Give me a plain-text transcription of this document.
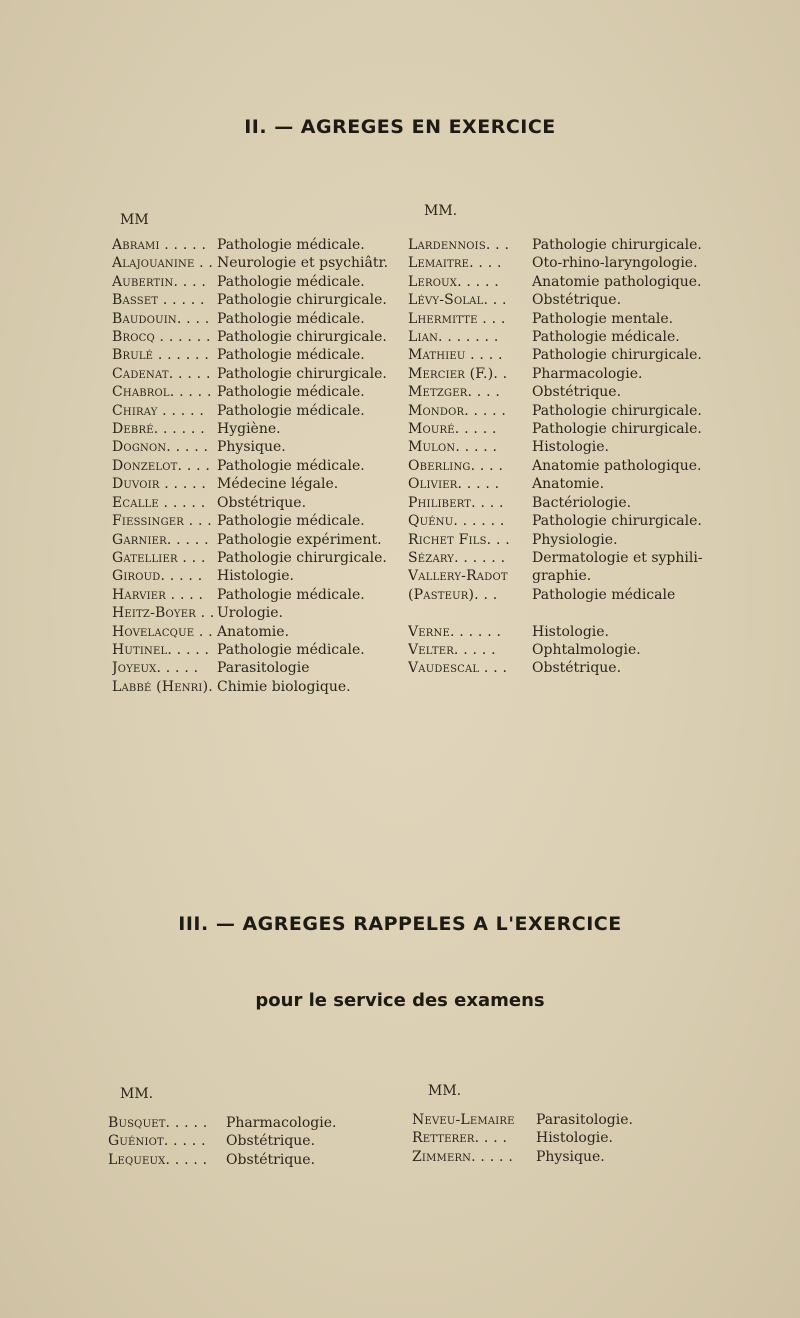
II. — AGREGES EN EXERCICE
MM
MM.
Abrami . . . . . Pathologie médicale.
Alajouanine . . Neurologie et psychiâtr.
Aubertin. . . . Pathologie médicale.
Basset . . . . . Pathologie chirurgicale.
Baudouin. . . . Pathologie médicale.
Brocq . . . . . . Pathologie chirurgicale.
Brulé . . . . . . Pathologie médicale.
Cadenat. . . . . Pathologie chirurgicale.
Chabrol. . . . . Pathologie médicale.
Chiray . . . . . Pathologie médicale.
Debré. . . . . . Hygiène.
Dognon. . . . . Physique.
Donzelot. . . . Pathologie médicale.
Duvoir . . . . . Médecine légale.
Ecalle . . . . . Obstétrique.
Fiessinger . . . Pathologie médicale.
Garnier. . . . . Pathologie expériment.
Gatellier . . . Pathologie chirurgicale.
Giroud. . . . .	Histologie.
Harvier . . . . Pathologie médicale.
Heitz-Boyer . . Urologie.
Hovelacque . . Anatomie.
Hutinel. . . . . Pathologie médicale.
Joyeux. . . . .	Parasitologie
Labbé (Henri). Chimie biologique.
Lardennois. . .	Pathologie chirurgicale.
Lemaitre. . . .	Oto-rhino-laryngologie.
Leroux. . . . .	Anatomie pathologique.
Lévy-Solal. . .	Obstétrique.
Lhermitte . . .	Pathologie mentale.
Lian. . . . . . .	Pathologie médicale.
Mathieu . . . .	Pathologie chirurgicale.
Mercier (F.). .	Pharmacologie.
Metzger. . . .	Obstétrique.
Mondor. . . . .	Pathologie chirurgicale.
Mouré. . . . .	Pathologie chirurgicale.
Mulon. . . . .	Histologie.
Oberling. . . .	Anatomie pathologique.
Olivier. . . . .	Anatomie.
Philibert. . . .	Bactériologie.
Quénu. . . . . .	Pathologie chirurgicale.
Richet Fils. . .	Physiologie.
Sézary. . . . . .	Dermatologie et syphili-
Vallery-Radot	graphie.
(Pasteur). . .	Pathologie médicale
Verne. . . . . .	Histologie.
Velter. . . . .	Ophtalmologie.
Vaudescal . . .	Obstétrique.
III. — AGREGES RAPPELES A L'EXERCICE
pour le service des examens
MM.	MM.
Busquet. . . . .	Pharmacologie.
Guéniot. . . . .	Obstétrique.
Lequeux. . . . .	Obstétrique.
Neveu-Lemaire	Parasitologie.
Retterer. . . .	Histologie.
Zimmern. . . . .	Physique.
